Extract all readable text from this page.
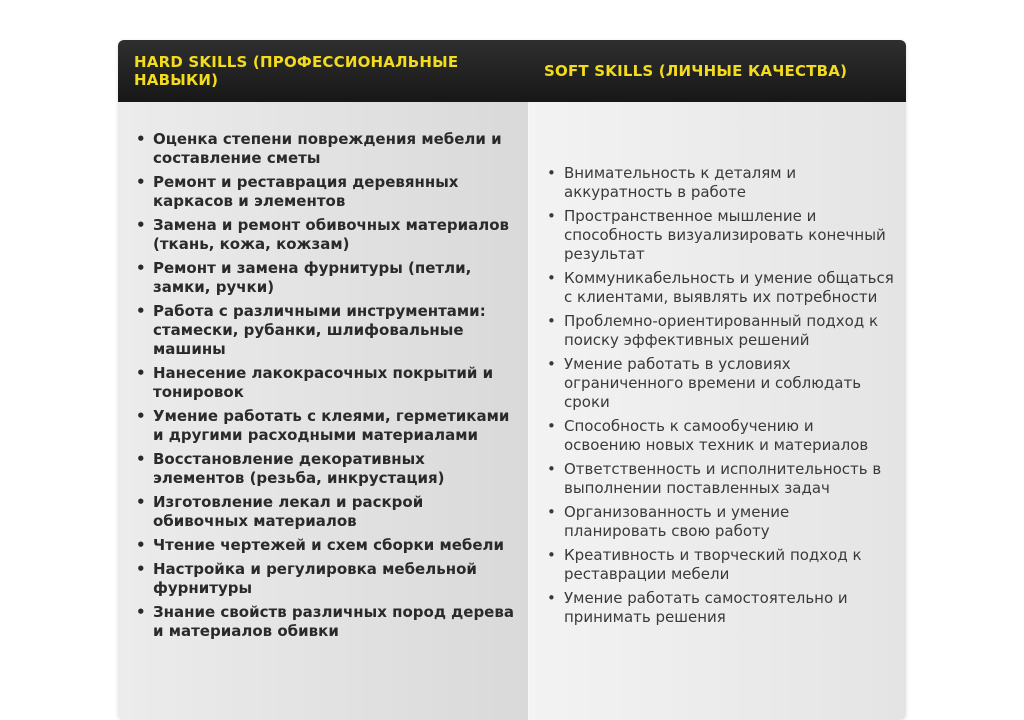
HARD SKILLS (ПРОФЕССИОНАЛЬНЫЕ НАВЫКИ)	SOFT SKILLS (ЛИЧНЫЕ КАЧЕСТВА)
• Оценка степени повреждения мебели и составление сметы
• Ремонт и реставрация деревянных каркасов и элементов
• Замена и ремонт обивочных материалов (ткань, кожа, кожзам)
• Ремонт и замена фурнитуры (петли, замки, ручки)
• Работа с различными инструментами: стамески, рубанки, шлифовальные машины
• Нанесение лакокрасочных покрытий и тонировок
• Умение работать с клеями, герметиками и другими расходными материалами
• Восстановление декоративных элементов (резьба, инкрустация)
• Изготовление лекал и раскрой обивочных материалов
• Чтение чертежей и схем сборки мебели
• Настройка и регулировка мебельной фурнитуры
• Знание свойств различных пород дерева и материалов обивки
• Внимательность к деталям и аккуратность в работе
• Пространственное мышление и способность визуализировать конечный результат
• Коммуникабельность и умение общаться с клиентами, выявлять их потребности
• Проблемно-ориентированный подход к поиску эффективных решений
• Умение работать в условиях ограниченного времени и соблюдать сроки
• Способность к самообучению и освоению новых техник и материалов
• Ответственность и исполнительность в выполнении поставленных задач
• Организованность и умение планировать свою работу
• Креативность и творческий подход к реставрации мебели
• Умение работать самостоятельно и принимать решения
